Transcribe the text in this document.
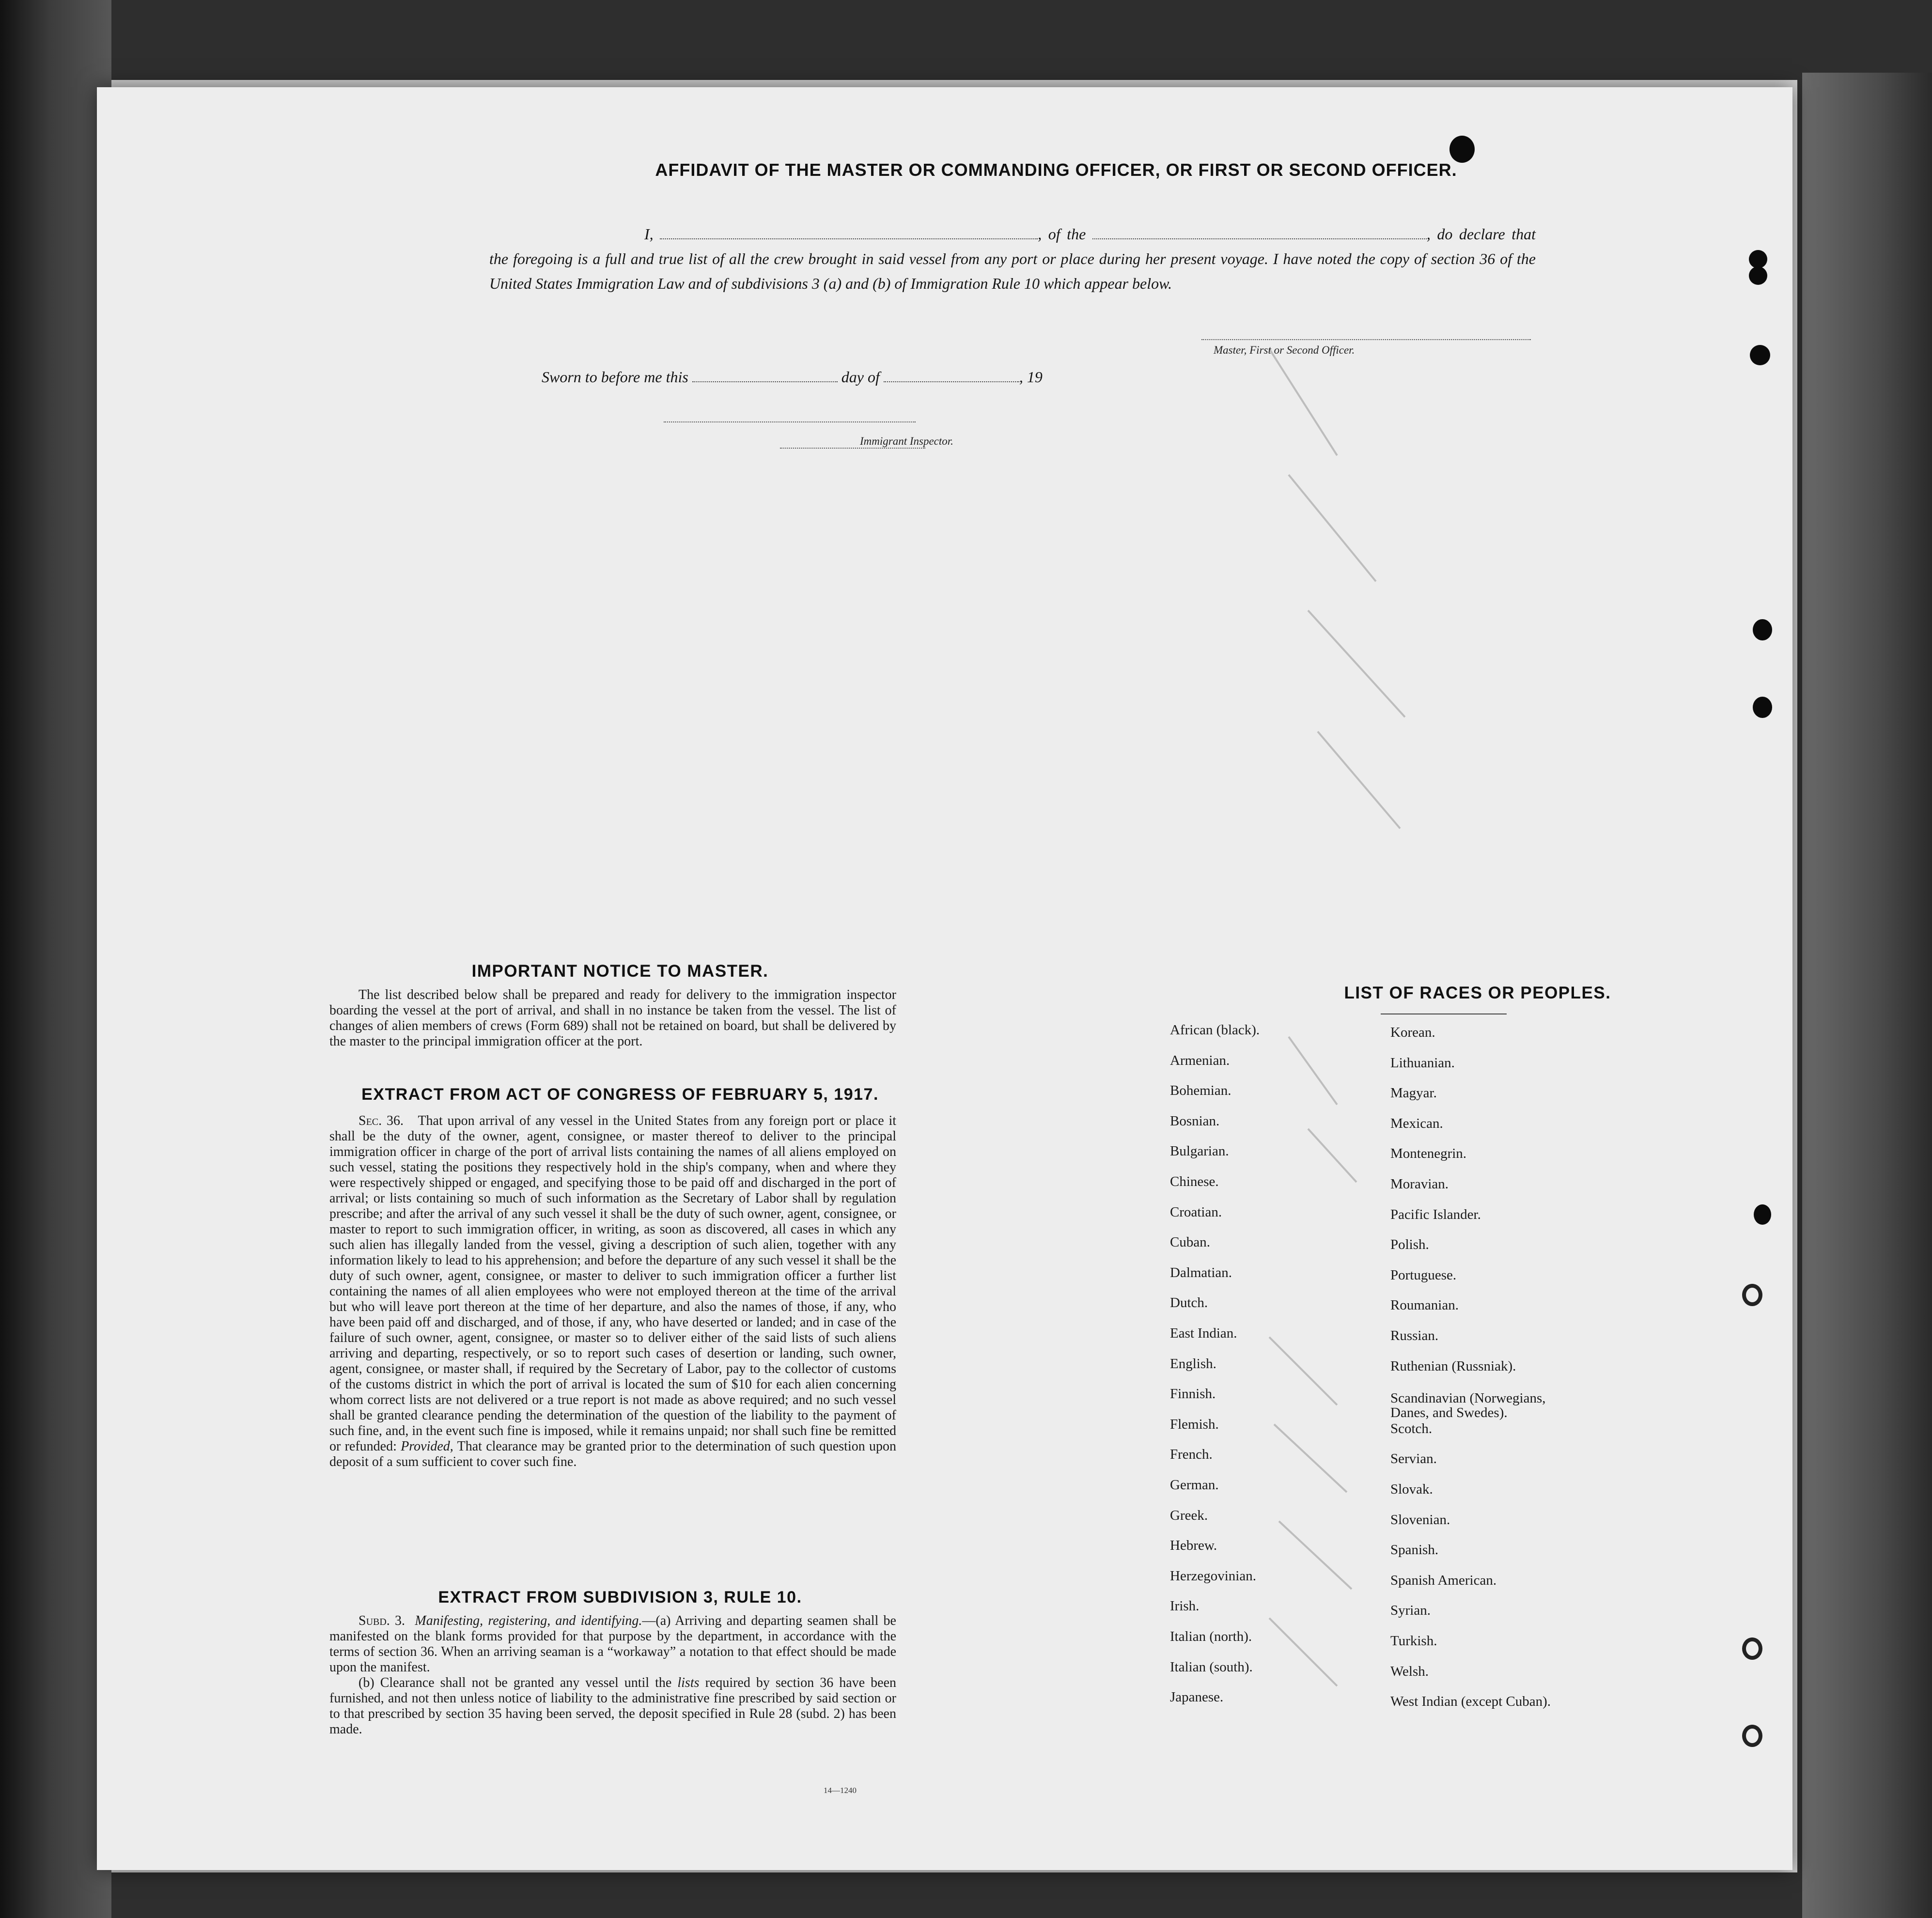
AFFIDAVIT OF THE MASTER OR COMMANDING OFFICER, OR FIRST OR SECOND OFFICER.
I,	, of the	, do declare that the foregoing is a full and true list of all the crew brought in said vessel from any port or place during her present voyage. I have noted the copy of section 36 of the United States Immigration Law and of subdivisions 3 (a) and (b) of Immigration Rule 10 which appear below.
Master, First or Second Officer.
Sworn to before me this	day of	, 19
Immigrant Inspector.
IMPORTANT NOTICE TO MASTER.
The list described below shall be prepared and ready for delivery to the immigration inspector boarding the vessel at the port of arrival, and shall in no instance be taken from the vessel. The list of changes of alien members of crews (Form 689) shall not be retained on board, but shall be delivered by the master to the principal immigration officer at the port.
EXTRACT FROM ACT OF CONGRESS OF FEBRUARY 5, 1917.
Sec. 36. That upon arrival of any vessel in the United States from any foreign port or place it shall be the duty of the owner, agent, consignee, or master thereof to deliver to the principal immigration officer in charge of the port of arrival lists containing the names of all aliens employed on such vessel, stating the positions they respectively hold in the ship's company, when and where they were respectively shipped or engaged, and specifying those to be paid off and discharged in the port of arrival; or lists containing so much of such information as the Secretary of Labor shall by regulation prescribe; and after the arrival of any such vessel it shall be the duty of such owner, agent, consignee, or master to report to such immigration officer, in writing, as soon as discovered, all cases in which any such alien has illegally landed from the vessel, giving a description of such alien, together with any information likely to lead to his apprehension; and before the departure of any such vessel it shall be the duty of such owner, agent, consignee, or master to deliver to such immigration officer a further list containing the names of all alien employees who were not employed thereon at the time of the arrival but who will leave port thereon at the time of her departure, and also the names of those, if any, who have been paid off and discharged, and of those, if any, who have deserted or landed; and in case of the failure of such owner, agent, consignee, or master so to deliver either of the said lists of such aliens arriving and departing, respectively, or so to report such cases of desertion or landing, such owner, agent, consignee, or master shall, if required by the Secretary of Labor, pay to the collector of customs of the customs district in which the port of arrival is located the sum of $10 for each alien concerning whom correct lists are not delivered or a true report is not made as above required; and no such vessel shall be granted clearance pending the determination of the question of the liability to the payment of such fine, and, in the event such fine is imposed, while it remains unpaid; nor shall such fine be remitted or refunded: Provided, That clearance may be granted prior to the determination of such question upon deposit of a sum sufficient to cover such fine.
EXTRACT FROM SUBDIVISION 3, RULE 10.

Subd. 3. Manifesting, registering, and identifying.—(a) Arriving and departing seamen shall be manifested on the blank forms provided for that purpose by the department, in accordance with the terms of section 36. When an arriving seaman is a “workaway” a notation to that effect should be made upon the manifest.

(b) Clearance shall not be granted any vessel until the lists required by section 36 have been furnished, and not then unless notice of liability to the administrative fine prescribed by said section or to that prescribed by section 35 having been served, the deposit specified in Rule 28 (subd. 2) has been made.

14—1240
LIST OF RACES OR PEOPLES.
African (black).
Armenian.
Bohemian.
Bosnian.
Bulgarian.
Chinese.
Croatian.
Cuban.
Dalmatian.
Dutch.
East Indian.
English.
Finnish.
Flemish.
French.
German.
Greek.
Hebrew.
Herzegovinian.
Irish.
Italian (north).
Italian (south).
Japanese.
Korean.
Lithuanian.
Magyar.
Mexican.
Montenegrin.
Moravian.
Pacific Islander.
Polish.
Portuguese.
Roumanian.
Russian.
Ruthenian (Russniak).
Scandinavian (Norwegians,
Danes, and Swedes).
Scotch.
Servian.
Slovak.
Slovenian.
Spanish.
Spanish American.
Syrian.
Turkish.
Welsh.
West Indian (except Cuban).
